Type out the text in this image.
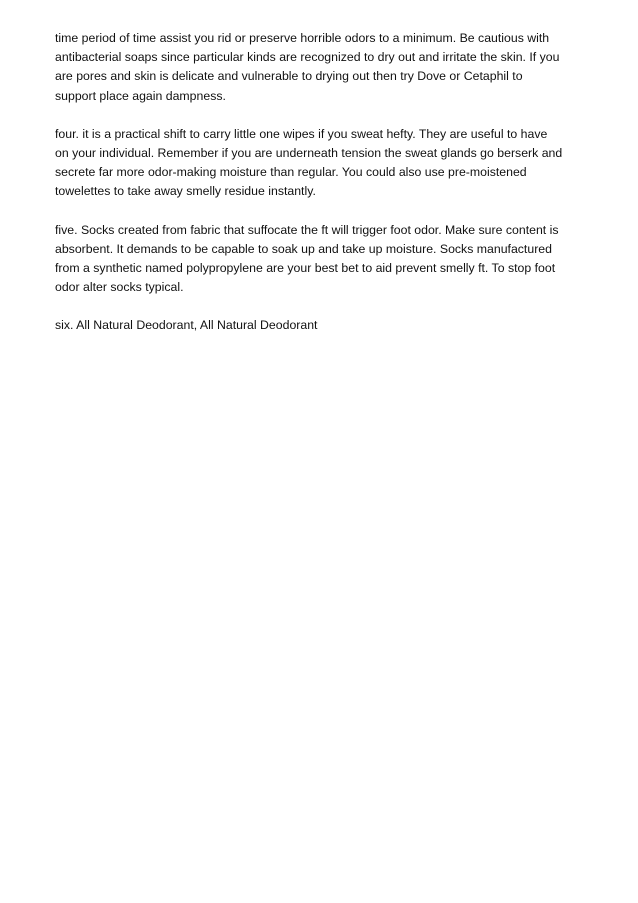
time period of time assist you rid or preserve horrible odors to a minimum. Be cautious with
antibacterial soaps since particular kinds are recognized to dry out and irritate the skin. If you
are pores and skin is delicate and vulnerable to drying out then try Dove or Cetaphil to
support place again dampness.

four. it is a practical shift to carry little one wipes if you sweat hefty. They are useful to have
on your individual. Remember if you are underneath tension the sweat glands go berserk and
secrete far more odor-making moisture than regular. You could also use pre-moistened
towelettes to take away smelly residue instantly.

five. Socks created from fabric that suffocate the ft will trigger foot odor. Make sure content is
absorbent. It demands to be capable to soak up and take up moisture. Socks manufactured
from a synthetic named polypropylene are your best bet to aid prevent smelly ft. To stop foot
odor alter socks typical.

six. All Natural Deodorant, All Natural Deodorant
